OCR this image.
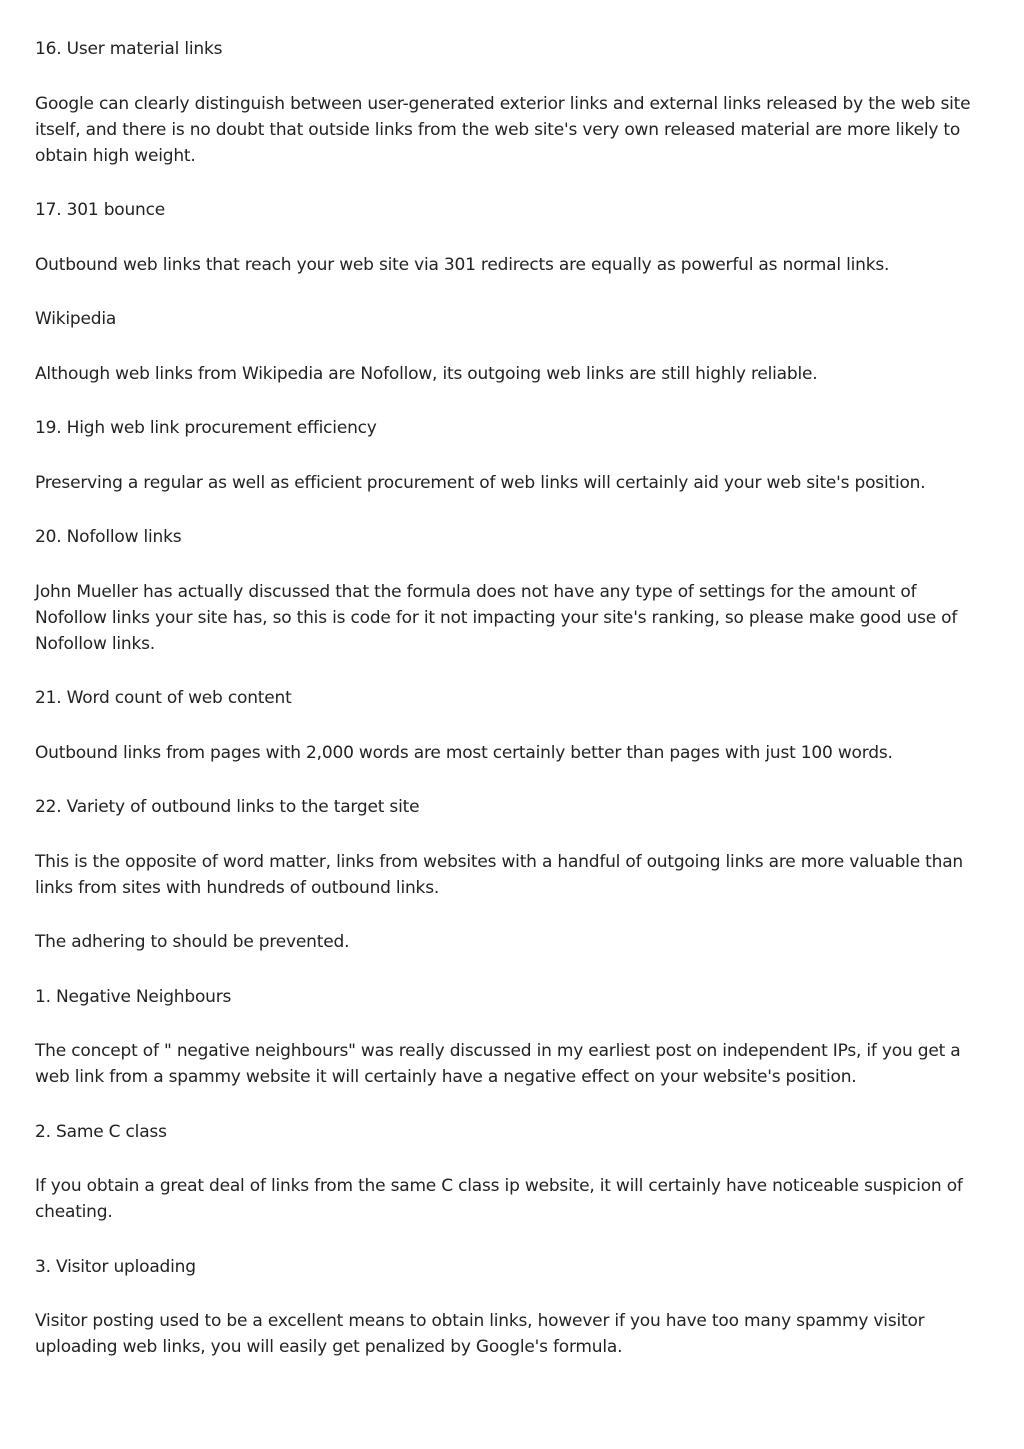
16. User material links

Google can clearly distinguish between user-generated exterior links and external links released by the web site itself, and there is no doubt that outside links from the web site's very own released material are more likely to obtain high weight.

17. 301 bounce

Outbound web links that reach your web site via 301 redirects are equally as powerful as normal links.

Wikipedia

Although web links from Wikipedia are Nofollow, its outgoing web links are still highly reliable.

19. High web link procurement efficiency

Preserving a regular as well as efficient procurement of web links will certainly aid your web site's position.

20. Nofollow links

John Mueller has actually discussed that the formula does not have any type of settings for the amount of Nofollow links your site has, so this is code for it not impacting your site's ranking, so please make good use of Nofollow links.

21. Word count of web content

Outbound links from pages with 2,000 words are most certainly better than pages with just 100 words.

22. Variety of outbound links to the target site

This is the opposite of word matter, links from websites with a handful of outgoing links are more valuable than links from sites with hundreds of outbound links.

The adhering to should be prevented.

1. Negative Neighbours

The concept of " negative neighbours" was really discussed in my earliest post on independent IPs, if you get a web link from a spammy website it will certainly have a negative effect on your website's position.

2. Same C class

If you obtain a great deal of links from the same C class ip website, it will certainly have noticeable suspicion of cheating.

3. Visitor uploading

Visitor posting used to be a excellent means to obtain links, however if you have too many spammy visitor uploading web links, you will easily get penalized by Google's formula.
